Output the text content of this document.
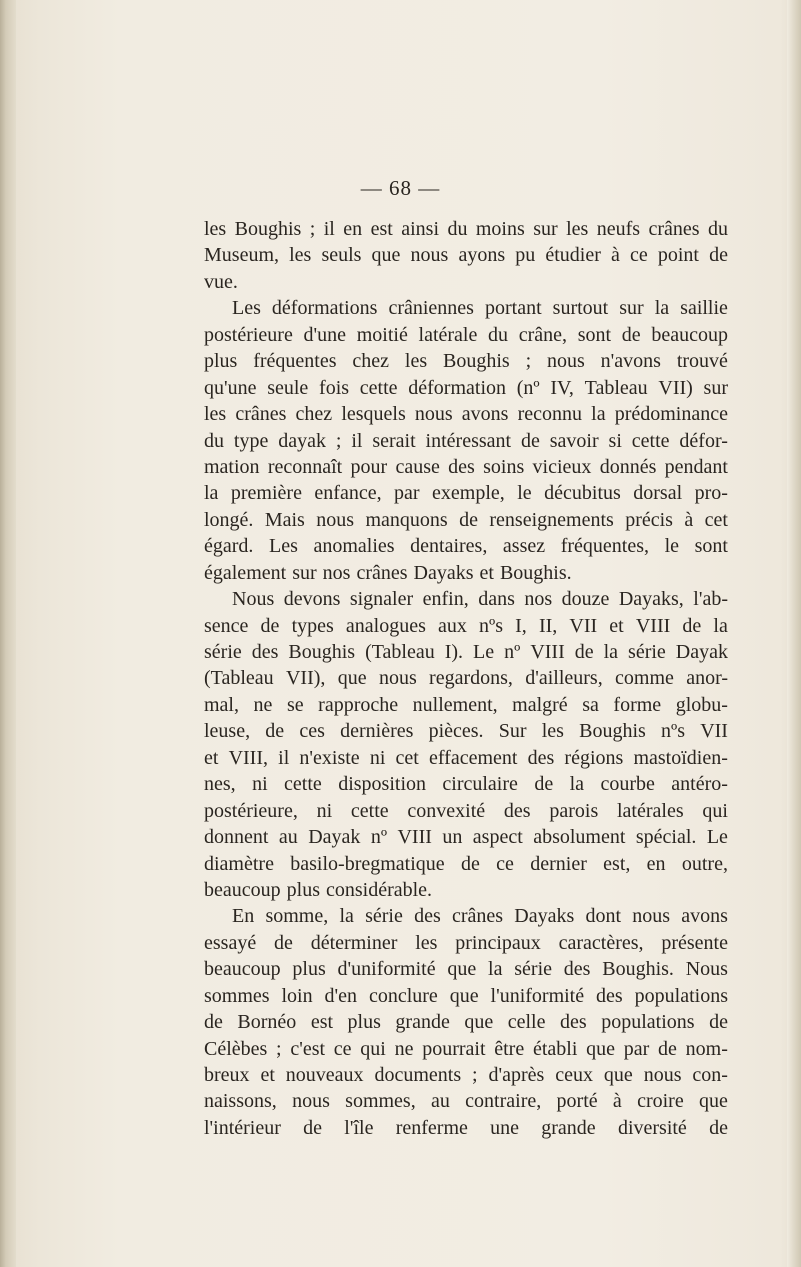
— 68 —
les Boughis ; il en est ainsi du moins sur les neufs crânes du
Museum, les seuls que nous ayons pu étudier à ce point de
vue.
Les déformations crâniennes portant surtout sur la saillie
postérieure d'une moitié latérale du crâne, sont de beaucoup
plus fréquentes chez les Boughis ; nous n'avons trouvé
qu'une seule fois cette déformation (nº IV, Tableau VII) sur
les crânes chez lesquels nous avons reconnu la prédominance
du type dayak ; il serait intéressant de savoir si cette défor-
mation reconnaît pour cause des soins vicieux donnés pendant
la première enfance, par exemple, le décubitus dorsal pro-
longé. Mais nous manquons de renseignements précis à cet
égard. Les anomalies dentaires, assez fréquentes, le sont
également sur nos crânes Dayaks et Boughis.
Nous devons signaler enfin, dans nos douze Dayaks, l'ab-
sence de types analogues aux nºs I, II, VII et VIII de la
série des Boughis (Tableau I). Le nº VIII de la série Dayak
(Tableau VII), que nous regardons, d'ailleurs, comme anor-
mal, ne se rapproche nullement, malgré sa forme globu-
leuse, de ces dernières pièces. Sur les Boughis nºs VII
et VIII, il n'existe ni cet effacement des régions mastoïdien-
nes, ni cette disposition circulaire de la courbe antéro-
postérieure, ni cette convexité des parois latérales qui
donnent au Dayak nº VIII un aspect absolument spécial. Le
diamètre basilo-bregmatique de ce dernier est, en outre,
beaucoup plus considérable.
En somme, la série des crânes Dayaks dont nous avons
essayé de déterminer les principaux caractères, présente
beaucoup plus d'uniformité que la série des Boughis. Nous
sommes loin d'en conclure que l'uniformité des populations
de Bornéo est plus grande que celle des populations de
Célèbes ; c'est ce qui ne pourrait être établi que par de nom-
breux et nouveaux documents ; d'après ceux que nous con-
naissons, nous sommes, au contraire, porté à croire que
l'intérieur de l'île renferme une grande diversité de
